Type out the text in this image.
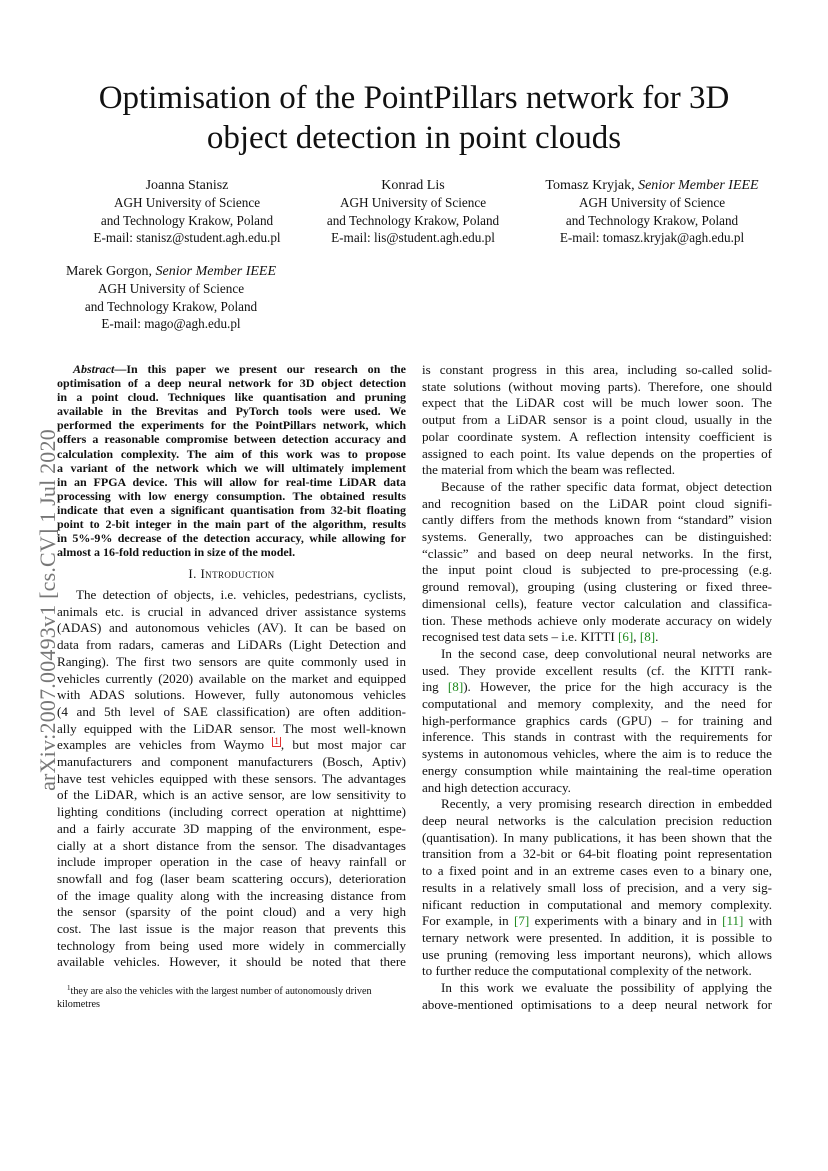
Optimisation of the PointPillars network for 3D
object detection in point clouds
Joanna Stanisz
AGH University of Science
and Technology Krakow, Poland
E-mail: stanisz@student.agh.edu.pl
Konrad Lis
AGH University of Science
and Technology Krakow, Poland
E-mail: lis@student.agh.edu.pl
Tomasz Kryjak, Senior Member IEEE
AGH University of Science
and Technology Krakow, Poland
E-mail: tomasz.kryjak@agh.edu.pl
Marek Gorgon, Senior Member IEEE
AGH University of Science
and Technology Krakow, Poland
E-mail: mago@agh.edu.pl
arXiv:2007.00493v1 [cs.CV] 1 Jul 2020
Abstract—In this paper we present our research on the
optimisation of a deep neural network for 3D object detection
in a point cloud. Techniques like quantisation and pruning
available in the Brevitas and PyTorch tools were used. We
performed the experiments for the PointPillars network, which
offers a reasonable compromise between detection accuracy and
calculation complexity. The aim of this work was to propose
a variant of the network which we will ultimately implement
in an FPGA device. This will allow for real-time LiDAR data
processing with low energy consumption. The obtained results
indicate that even a significant quantisation from 32-bit floating
point to 2-bit integer in the main part of the algorithm, results
in 5%-9% decrease of the detection accuracy, while allowing for
almost a 16-fold reduction in size of the model.
I. Introduction
The detection of objects, i.e. vehicles, pedestrians, cyclists,
animals etc. is crucial in advanced driver assistance systems
(ADAS) and autonomous vehicles (AV). It can be based on
data from radars, cameras and LiDARs (Light Detection and
Ranging). The first two sensors are quite commonly used in
vehicles currently (2020) available on the market and equipped
with ADAS solutions. However, fully autonomous vehicles
(4 and 5th level of SAE classification) are often addition-
ally equipped with the LiDAR sensor. The most well-known
examples are vehicles from Waymo $^1$ , but most major car
manufacturers and component manufacturers (Bosch, Aptiv)
have test vehicles equipped with these sensors. The advantages
of the LiDAR, which is an active sensor, are low sensitivity to
lighting conditions (including correct operation at nighttime)
and a fairly accurate 3D mapping of the environment, espe-
cially at a short distance from the sensor. The disadvantages
include improper operation in the case of heavy rainfall or
snowfall and fog (laser beam scattering occurs), deterioration
of the image quality along with the increasing distance from
the sensor (sparsity of the point cloud) and a very high
cost. The last issue is the major reason that prevents this
technology from being used more widely in commercially
available vehicles. However, it should be noted that there
$^1$they are also the vehicles with the largest number of autonomously driven
kilometres
is constant progress in this area, including so-called solid-
state solutions (without moving parts). Therefore, one should
expect that the LiDAR cost will be much lower soon. The
output from a LiDAR sensor is a point cloud, usually in the
polar coordinate system. A reflection intensity coefficient is
assigned to each point. Its value depends on the properties of
the material from which the beam was reflected.
Because of the rather specific data format, object detection
and recognition based on the LiDAR point cloud signifi-
cantly differs from the methods known from “standard” vision
systems. Generally, two approaches can be distinguished:
“classic” and based on deep neural networks. In the first,
the input point cloud is subjected to pre-processing (e.g.
ground removal), grouping (using clustering or fixed three-
dimensional cells), feature vector calculation and classifica-
tion. These methods achieve only moderate accuracy on widely
recognised test data sets – i.e. KITTI [6], [8].
In the second case, deep convolutional neural networks are
used. They provide excellent results (cf. the KITTI rank-
ing [8]). However, the price for the high accuracy is the
computational and memory complexity, and the need for
high-performance graphics cards (GPU) – for training and
inference. This stands in contrast with the requirements for
systems in autonomous vehicles, where the aim is to reduce the
energy consumption while maintaining the real-time operation
and high detection accuracy.
Recently, a very promising research direction in embedded
deep neural networks is the calculation precision reduction
(quantisation). In many publications, it has been shown that the
transition from a 32-bit or 64-bit floating point representation
to a fixed point and in an extreme cases even to a binary one,
results in a relatively small loss of precision, and a very sig-
nificant reduction in computational and memory complexity.
For example, in [7] experiments with a binary and in [11] with
ternary network were presented. In addition, it is possible to
use pruning (removing less important neurons), which allows
to further reduce the computational complexity of the network.
In this work we evaluate the possibility of applying the
above-mentioned optimisations to a deep neural network for
